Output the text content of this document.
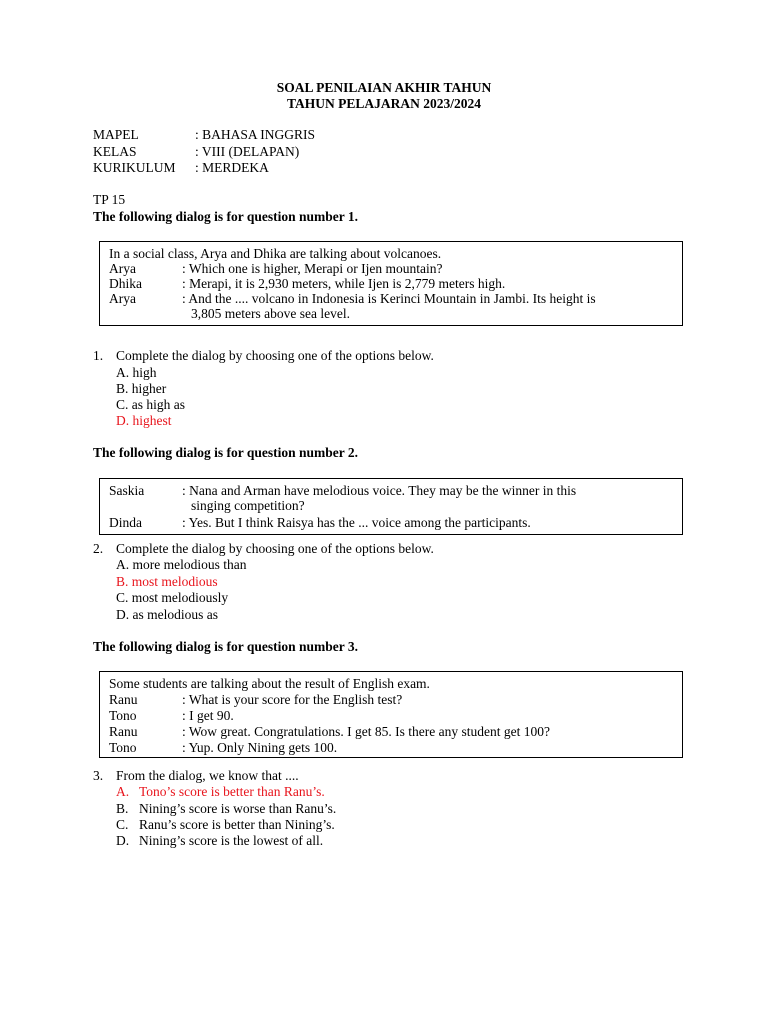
SOAL PENILAIAN AKHIR TAHUN
TAHUN PELAJARAN 2023/2024
MAPEL	: BAHASA INGGRIS
KELAS	: VIII (DELAPAN)
KURIKULUM : MERDEKA
TP 15
The following dialog is for question number 1.
In a social class, Arya and Dhika are talking about volcanoes.
Arya	: Which one is higher, Merapi or Ijen mountain?
Dhika	: Merapi, it is 2,930 meters, while Ijen is 2,779 meters high.
Arya	: And the .... volcano in Indonesia is Kerinci Mountain in Jambi. Its height is
3,805 meters above sea level.
1. Complete the dialog by choosing one of the options below.
A. high
B. higher
C. as high as
D. highest
The following dialog is for question number 2.
Saskia	: Nana and Arman have melodious voice. They may be the winner in this
singing competition?
Dinda	: Yes. But I think Raisya has the ... voice among the participants.
2. Complete the dialog by choosing one of the options below.
A. more melodious than
B. most melodious
C. most melodiously
D. as melodious as
The following dialog is for question number 3.
Some students are talking about the result of English exam.
Ranu	: What is your score for the English test?
Tono	: I get 90.
Ranu	: Wow great. Congratulations. I get 85. Is there any student get 100?
Tono	: Yup. Only Nining gets 100.
3. From the dialog, we know that ....
A. Tono’s score is better than Ranu’s.
B. Nining’s score is worse than Ranu’s.
C. Ranu’s score is better than Nining’s.
D. Nining’s score is the lowest of all.
